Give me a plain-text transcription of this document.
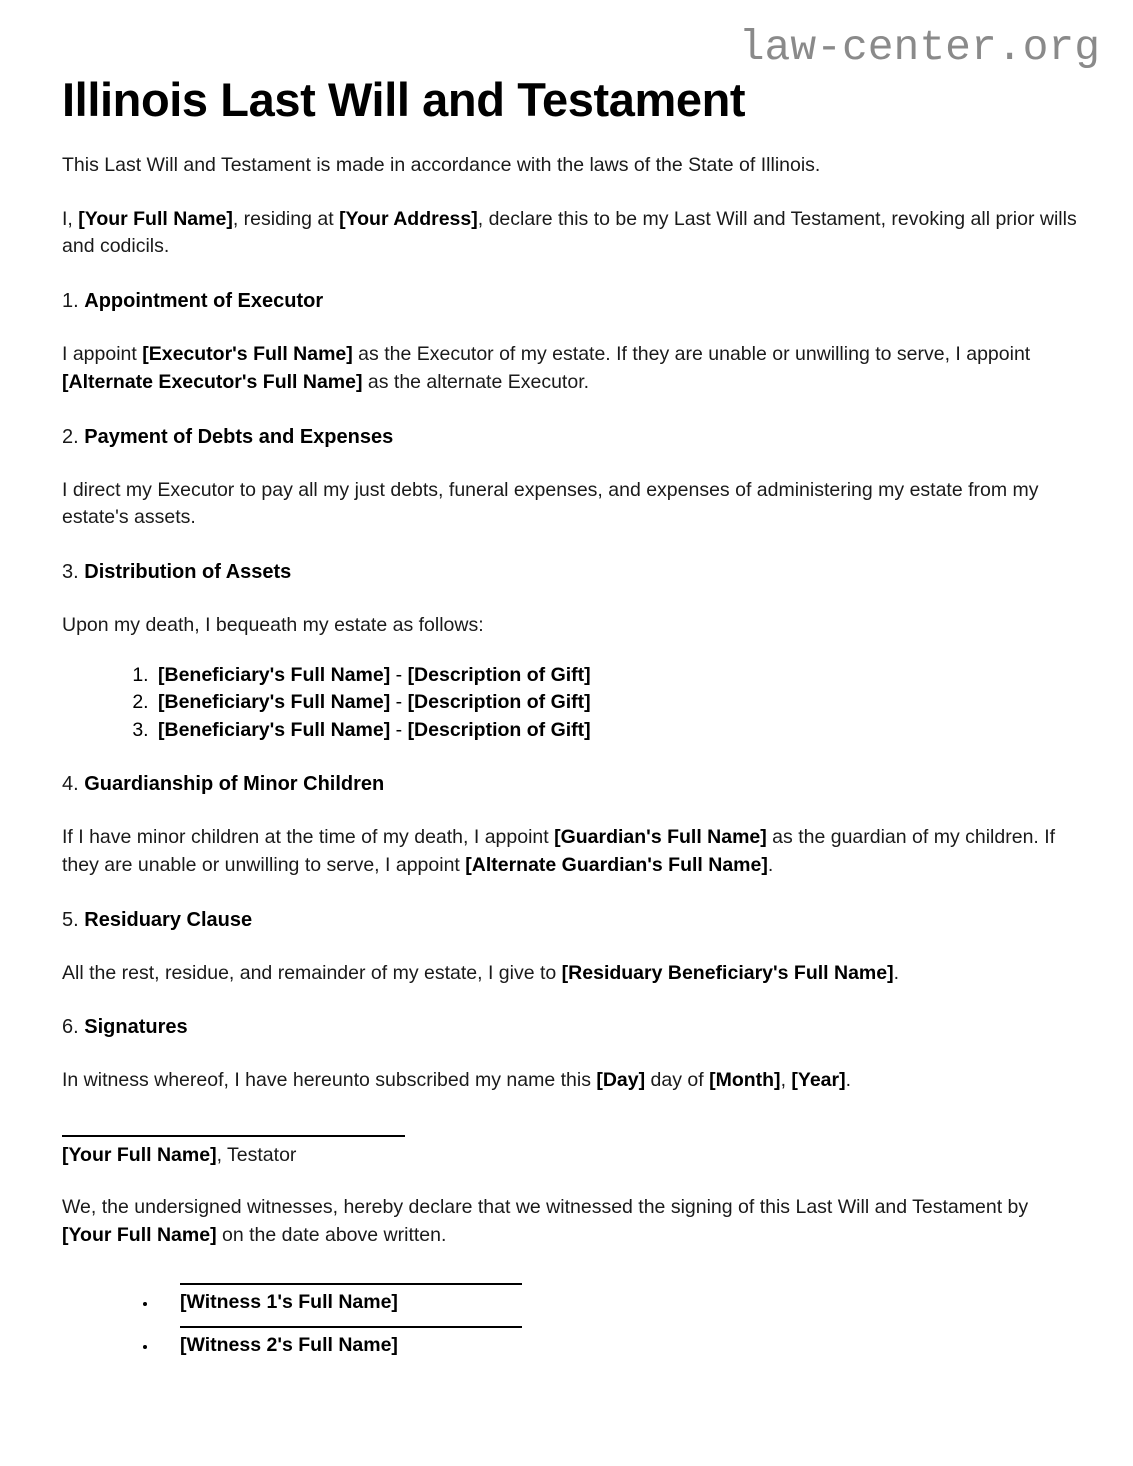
law-center.org
Illinois Last Will and Testament

This Last Will and Testament is made in accordance with the laws of the State of Illinois.

I, [Your Full Name], residing at [Your Address], declare this to be my Last Will and Testament, revoking all prior wills and codicils.

1. Appointment of Executor

I appoint [Executor's Full Name] as the Executor of my estate. If they are unable or unwilling to serve, I appoint [Alternate Executor's Full Name] as the alternate Executor.

2. Payment of Debts and Expenses

I direct my Executor to pay all my just debts, funeral expenses, and expenses of administering my estate from my estate's assets.

3. Distribution of Assets

Upon my death, I bequeath my estate as follows:

1. [Beneficiary's Full Name] - [Description of Gift]
2. [Beneficiary's Full Name] - [Description of Gift]
3. [Beneficiary's Full Name] - [Description of Gift]

4. Guardianship of Minor Children

If I have minor children at the time of my death, I appoint [Guardian's Full Name] as the guardian of my children. If they are unable or unwilling to serve, I appoint [Alternate Guardian's Full Name].

5. Residuary Clause

All the rest, residue, and remainder of my estate, I give to [Residuary Beneficiary's Full Name].

6. Signatures

In witness whereof, I have hereunto subscribed my name this [Day] day of [Month], [Year].

[Your Full Name], Testator

We, the undersigned witnesses, hereby declare that we witnessed the signing of this Last Will and Testament by [Your Full Name] on the date above written.

• [Witness 1's Full Name]
• [Witness 2's Full Name]
